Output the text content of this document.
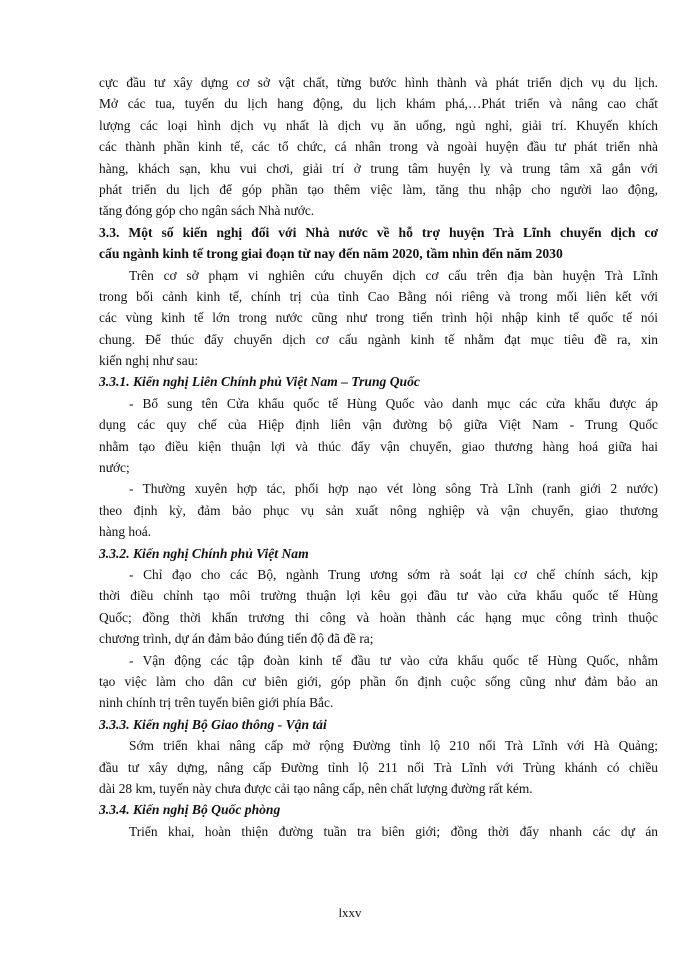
cực đầu tư xây dựng cơ sở vật chất, từng bước hình thành và phát triển dịch vụ du lịch.
Mở các tua, tuyến du lịch hang động, du lịch khám phá,…Phát triển và nâng cao chất
lượng các loại hình dịch vụ nhất là dịch vụ ăn uống, ngủ nghỉ, giải trí. Khuyến khích
các thành phần kinh tế, các tổ chức, cá nhân trong và ngoài huyện đầu tư phát triển nhà
hàng, khách sạn, khu vui chơi, giải trí ở trung tâm huyện lỵ và trung tâm xã gắn với
phát triển du lịch để góp phần tạo thêm việc làm, tăng thu nhập cho người lao động,
tăng đóng góp cho ngân sách Nhà nước.
3.3. Một số kiến nghị đối với Nhà nước về hỗ trợ huyện Trà Lĩnh chuyển dịch cơ
cấu ngành kinh tế trong giai đoạn từ nay đến năm 2020, tầm nhìn đến năm 2030
Trên cơ sở phạm vi nghiên cứu chuyển dịch cơ cấu trên địa bàn huyện Trà Lĩnh
trong bối cảnh kinh tế, chính trị của tỉnh Cao Bằng nói riêng và trong mối liên kết với
các vùng kinh tế lớn trong nước cũng như trong tiến trình hội nhập kinh tế quốc tế nói
chung. Để thúc đẩy chuyển dịch cơ cấu ngành kinh tế nhằm đạt mục tiêu đề ra, xin
kiến nghị như sau:
3.3.1. Kiến nghị Liên Chính phủ Việt Nam – Trung Quốc
- Bổ sung tên Cửa khẩu quốc tế Hùng Quốc vào danh mục các cửa khẩu được áp
dụng các quy chế của Hiệp định liên vận đường bộ giữa Việt Nam - Trung Quốc
nhằm tạo điều kiện thuận lợi và thúc đẩy vận chuyển, giao thương hàng hoá giữa hai
nước;
- Thường xuyên hợp tác, phối hợp nạo vét lòng sông Trà Lĩnh (ranh giới 2 nước)
theo định kỳ, đảm bảo phục vụ sản xuất nông nghiệp và vận chuyển, giao thương
hàng hoá.
3.3.2. Kiến nghị Chính phủ Việt Nam
- Chỉ đạo cho các Bộ, ngành Trung ương sớm rà soát lại cơ chế chính sách, kịp
thời điều chỉnh tạo môi trường thuận lợi kêu gọi đầu tư vào cửa khẩu quốc tế Hùng
Quốc; đồng thời khẩn trương thi công và hoàn thành các hạng mục công trình thuộc
chương trình, dự án đảm bảo đúng tiến độ đã đề ra;
- Vận động các tập đoàn kinh tế đầu tư vào cửa khẩu quốc tế Hùng Quốc, nhằm
tạo việc làm cho dân cư biên giới, góp phần ổn định cuộc sống cũng như đảm bảo an
ninh chính trị trên tuyến biên giới phía Bắc.
3.3.3. Kiến nghị Bộ Giao thông - Vận tải
Sớm triển khai nâng cấp mở rộng Đường tỉnh lộ 210 nối Trà Lĩnh với Hà Quảng;
đầu tư xây dựng, nâng cấp Đường tỉnh lộ 211 nối Trà Lĩnh với Trùng khánh có chiều
dài 28 km, tuyến này chưa được cải tạo nâng cấp, nên chất lượng đường rất kém.
3.3.4. Kiến nghị Bộ Quốc phòng
Triển khai, hoàn thiện đường tuần tra biên giới; đồng thời đẩy nhanh các dự án
lxxv
